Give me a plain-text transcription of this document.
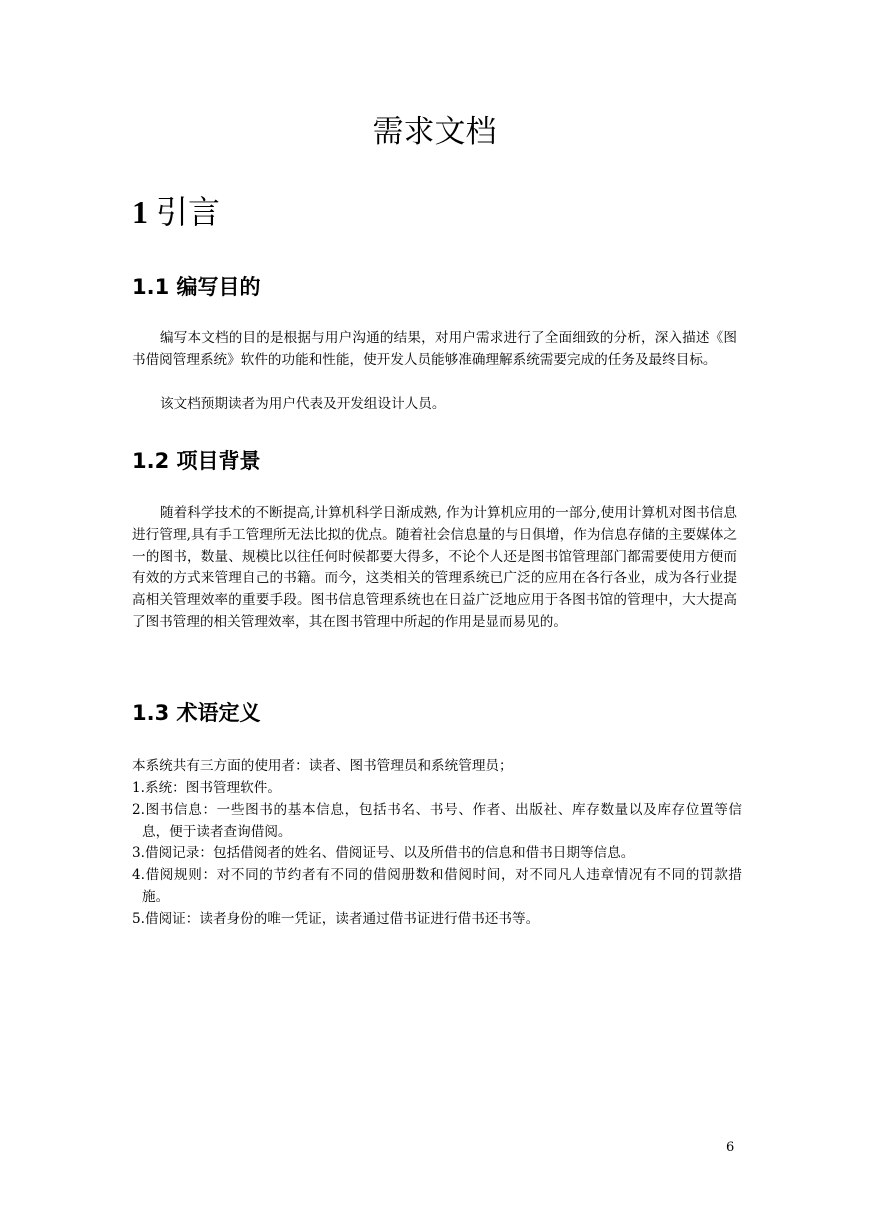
需求文档
1 引言
1.1 编写目的

编写本文档的目的是根据与用户沟通的结果，对用户需求进行了全面细致的分析，深入描述《图书借阅管理系统》软件的功能和性能，使开发人员能够准确理解系统需要完成的任务及最终目标。

该文档预期读者为用户代表及开发组设计人员。

1.2 项目背景

随着科学技术的不断提高,计算机科学日渐成熟, 作为计算机应用的一部分,使用计算机对图书信息进行管理,具有手工管理所无法比拟的优点。随着社会信息量的与日俱增，作为信息存储的主要媒体之一的图书，数量、规模比以往任何时候都要大得多，不论个人还是图书馆管理部门都需要使用方便而有效的方式来管理自己的书籍。而今，这类相关的管理系统已广泛的应用在各行各业，成为各行业提高相关管理效率的重要手段。图书信息管理系统也在日益广泛地应用于各图书馆的管理中，大大提高了图书管理的相关管理效率，其在图书管理中所起的作用是显而易见的。

1.3 术语定义

本系统共有三方面的使用者：读者、图书管理员和系统管理员；

1.系统：图书管理软件。
2.图书信息：一些图书的基本信息，包括书名、书号、作者、出版社、库存数量以及库存位置等信息，便于读者查询借阅。
3.借阅记录：包括借阅者的姓名、借阅证号、以及所借书的信息和借书日期等信息。
4.借阅规则：对不同的节约者有不同的借阅册数和借阅时间，对不同凡人违章情况有不同的罚款措施。
5.借阅证：读者身份的唯一凭证，读者通过借书证进行借书还书等。
6
